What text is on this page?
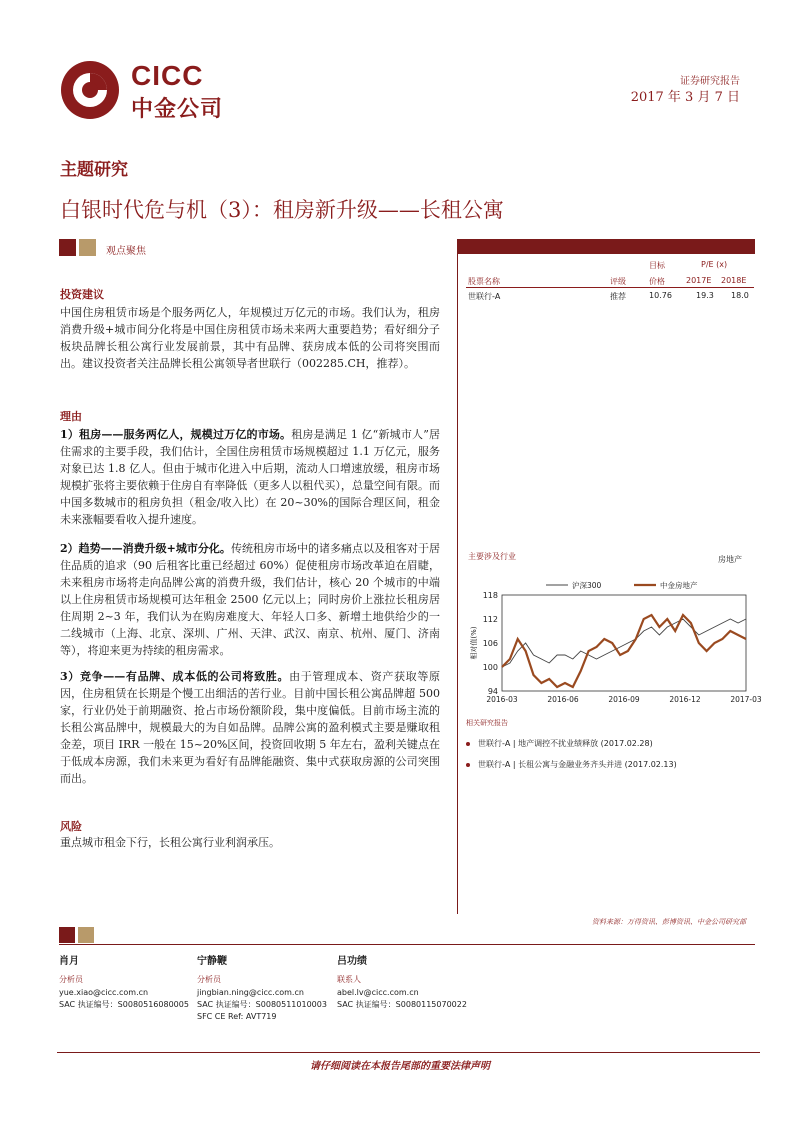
CICC
中金公司
证券研究报告
2017 年 3 月 7 日
主题研究
白银时代危与机（3）：租房新升级——长租公寓
观点聚焦
投资建议

中国住房租赁市场是个服务两亿人，年规模过万亿元的市场。我们认为，租房消费升级+城市间分化将是中国住房租赁市场未来两大重要趋势；看好细分子板块品牌长租公寓行业发展前景，其中有品牌、获房成本低的公司将突围而出。建议投资者关注品牌长租公寓领导者世联行（002285.CH，推荐）。

理由

1）租房——服务两亿人，规模过万亿的市场。租房是满足 1 亿“新城市人”居住需求的主要手段，我们估计，全国住房租赁市场规模超过 1.1 万亿元，服务对象已达 1.8 亿人。但由于城市化进入中后期，流动人口增速放缓，租房市场规模扩张将主要依赖于住房自有率降低（更多人以租代买），总量空间有限。而中国多数城市的租房负担（租金/收入比）在 20~30%的国际合理区间，租金未来涨幅要看收入提升速度。

2）趋势——消费升级+城市分化。传统租房市场中的诸多痛点以及租客对于居住品质的追求（90 后租客比重已经超过 60%）促使租房市场改革迫在眉睫，未来租房市场将走向品牌公寓的消费升级，我们估计，核心 20 个城市的中端以上住房租赁市场规模可达年租金 2500 亿元以上；同时房价上涨拉长租房居住周期 2~3 年，我们认为在购房难度大、年轻人口多、新增土地供给少的一二线城市（上海、北京、深圳、广州、天津、武汉、南京、杭州、厦门、济南等），将迎来更为持续的租房需求。

3）竞争——有品牌、成本低的公司将致胜。由于管理成本、资产获取等原因，住房租赁在长期是个慢工出细活的苦行业。目前中国长租公寓品牌超 500 家，行业仍处于前期融资、抢占市场份额阶段，集中度偏低。目前市场主流的长租公寓品牌中，规模最大的为自如品牌。品牌公寓的盈利模式主要是赚取租金差，项目 IRR 一般在 15~20%区间，投资回收期 5 年左右，盈利关键点在于低成本房源，我们未来更为看好有品牌能融资、集中式获取房源的公司突围而出。

风险

重点城市租金下行，长租公寓行业利润承压。

目标	P/E (x)
股票名称	评级	价格	2017E 2018E
世联行-A	推荐	10.76	19.3 18.0
主要涉及行业	房地产
94
100
106
112
118
相对值(%)
2016-03	2016-06	2016-09	2016-12	2017-03
沪深300	中金房地产
相关研究报告
世联行-A | 地产调控不扰业绩释放 (2017.02.28)
世联行-A | 长租公寓与金融业务齐头并进 (2017.02.13)
资料来源：万得资讯、彭博资讯、中金公司研究部
肖月
分析员
yue.xiao@cicc.com.cn
SAC 执证编号：S0080516080005
宁静鞭
分析员
jingbian.ning@cicc.com.cn
SAC 执证编号：S0080511010003
SFC CE Ref: AVT719
吕功绩
联系人
abel.lv@cicc.com.cn
SAC 执证编号：S0080115070022
请仔细阅读在本报告尾部的重要法律声明
